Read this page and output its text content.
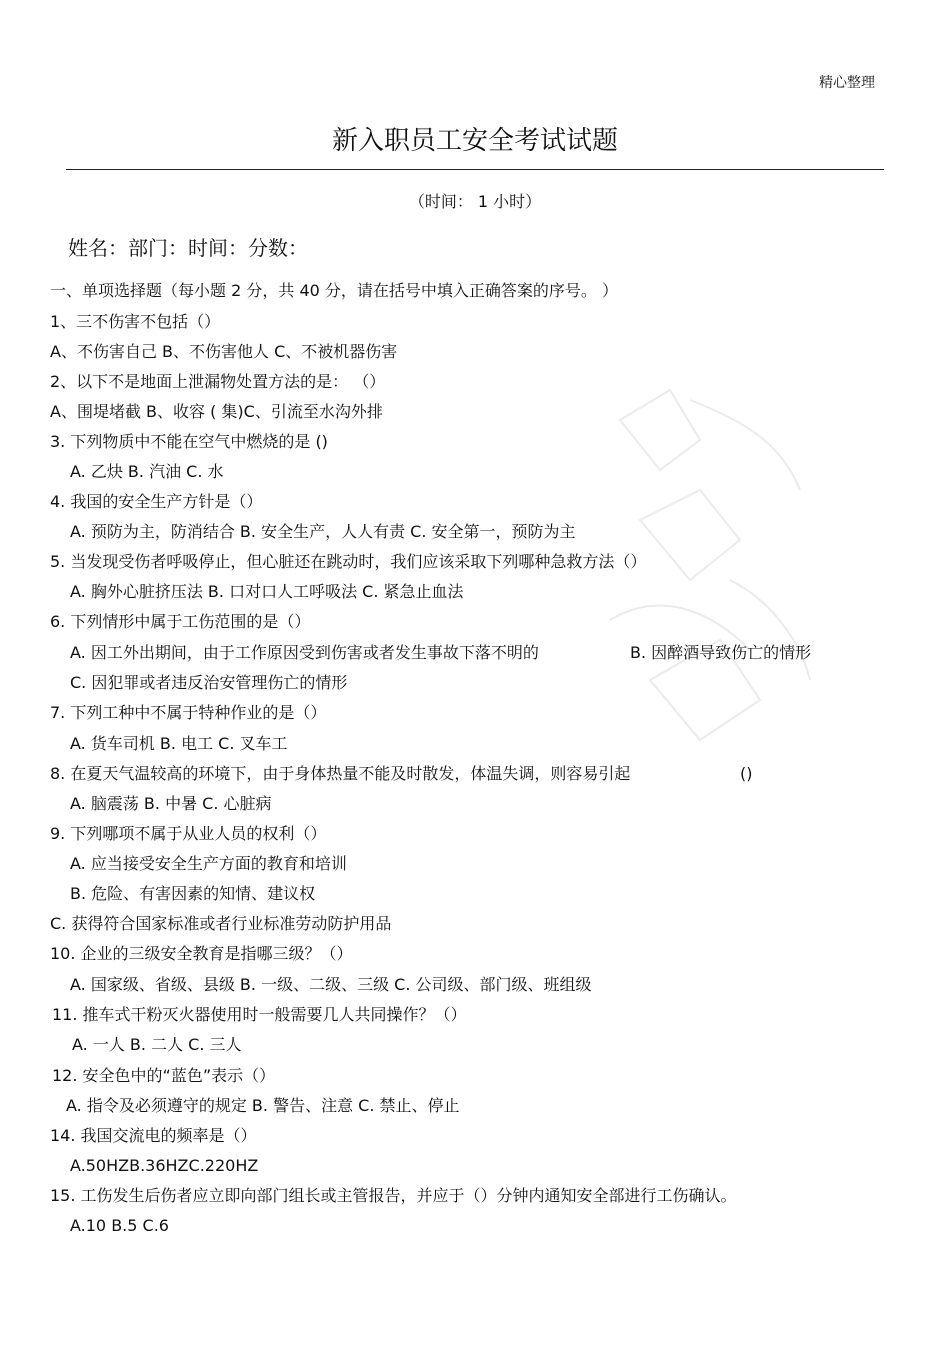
精心整理
新入职员工安全考试试题
（时间： 1 小时）
姓名：部门：时间：分数：
一、单项选择题（每小题 2 分，共 40 分，请在括号中填入正确答案的序号。 ）
1、三不伤害不包括（）
A、不伤害自己 B、不伤害他人 C、不被机器伤害
2、以下不是地面上泄漏物处置方法的是： （）
A、围堤堵截 B、收容 ( 集)C、引流至水沟外排
3. 下列物质中不能在空气中燃烧的是 ()
A. 乙炔 B. 汽油 C. 水
4. 我国的安全生产方针是（）
A. 预防为主，防消结合 B. 安全生产，人人有责 C. 安全第一，预防为主
5. 当发现受伤者呼吸停止，但心脏还在跳动时，我们应该采取下列哪种急救方法（）
A. 胸外心脏挤压法 B. 口对口人工呼吸法 C. 紧急止血法
6. 下列情形中属于工伤范围的是（）
A. 因工外出期间，由于工作原因受到伤害或者发生事故下落不明的	B. 因醉酒导致伤亡的情形
C. 因犯罪或者违反治安管理伤亡的情形
7. 下列工种中不属于特种作业的是（）
A. 货车司机 B. 电工 C. 叉车工
8. 在夏天气温较高的环境下，由于身体热量不能及时散发，体温失调，则容易引起	()
A. 脑震荡 B. 中暑 C. 心脏病
9. 下列哪项不属于从业人员的权利（）
A. 应当接受安全生产方面的教育和培训
B. 危险、有害因素的知情、建议权
C. 获得符合国家标准或者行业标准劳动防护用品
10. 企业的三级安全教育是指哪三级？（）
A. 国家级、省级、县级 B. 一级、二级、三级 C. 公司级、部门级、班组级
11. 推车式干粉灭火器使用时一般需要几人共同操作？（）
A. 一人 B. 二人 C. 三人
12. 安全色中的“蓝色”表示（）
A. 指令及必须遵守的规定 B. 警告、注意 C. 禁止、停止
14. 我国交流电的频率是（）
A.50HZB.36HZC.220HZ
15. 工伤发生后伤者应立即向部门组长或主管报告，并应于（）分钟内通知安全部进行工伤确认。
A.10 B.5 C.6
